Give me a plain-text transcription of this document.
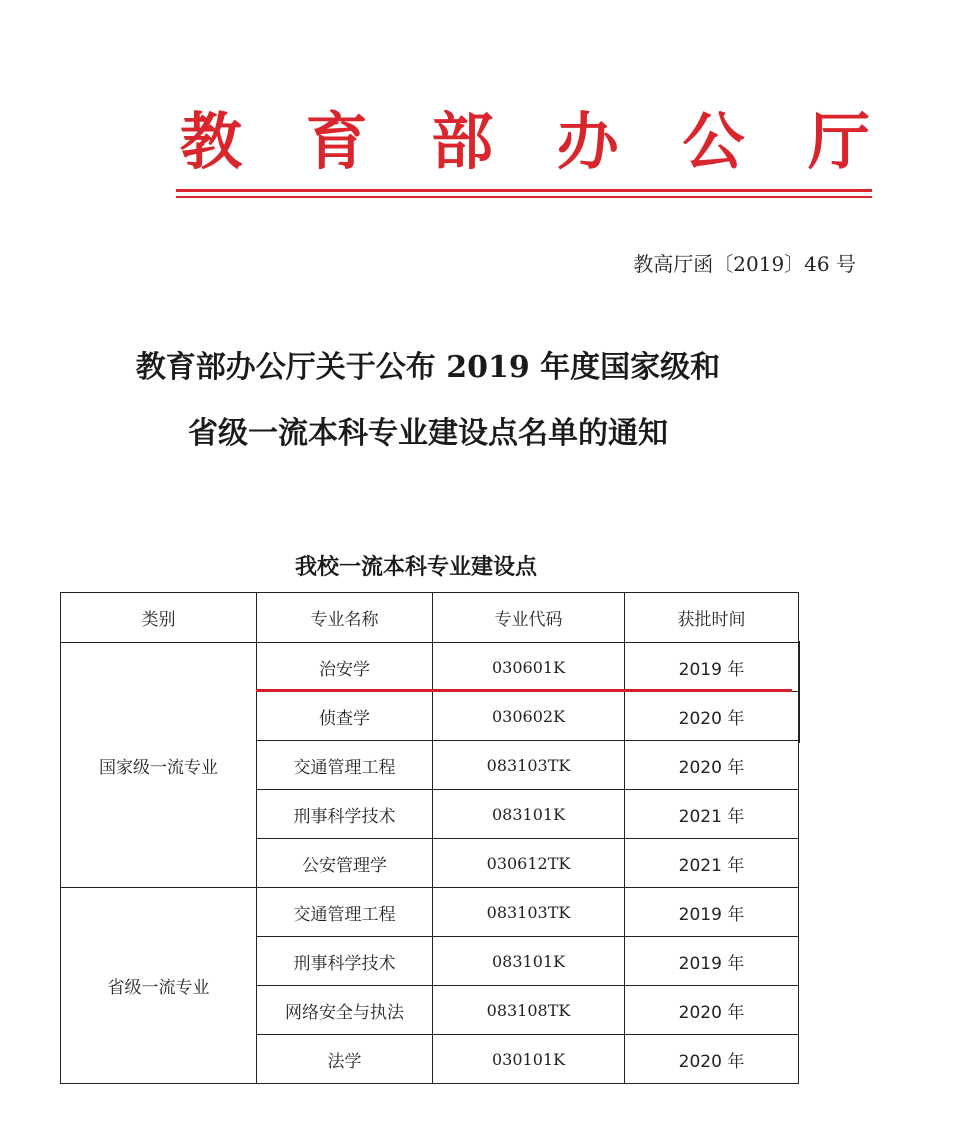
教 育 部 办 公 厅
教高厅函〔2019〕46 号
教育部办公厅关于公布 2019 年度国家级和
省级一流本科专业建设点名单的通知
我校一流本科专业建设点
类别	专业名称	专业代码	获批时间
国家级一流专业	治安学	030601K	2019 年
	侦查学	030602K	2020 年
	交通管理工程	083103TK	2020 年
	刑事科学技术	083101K	2021 年
	公安管理学	030612TK	2021 年
省级一流专业	交通管理工程	083103TK	2019 年
	刑事科学技术	083101K	2019 年
	网络安全与执法	083108TK	2020 年
	法学	030101K	2020 年
